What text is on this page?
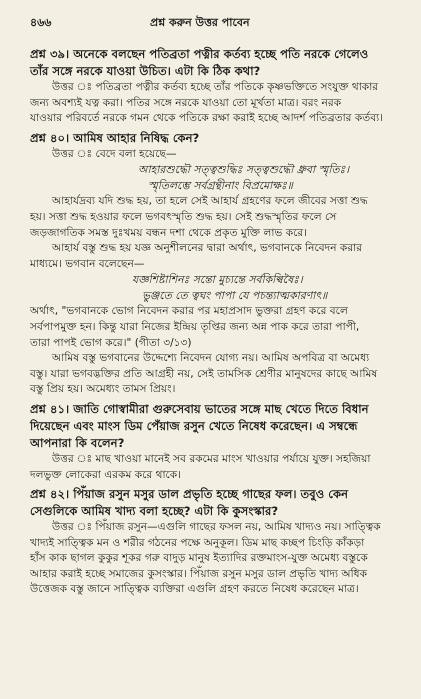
৪৬৬	প্রশ্ন করুন উত্তর পাবেন

প্রশ্ন ৩৯। অনেকে বলছেন পতিব্রতা পত্নীর কর্তব্য হচ্ছে পতি নরকে গেলেও

তাঁর সঙ্গে নরকে যাওয়া উচিত। এটা কি ঠিক কথা?

উত্তর ঃ পতিব্রতা পত্নীর কর্তব্য হচ্ছে তাঁর পতিকে কৃষ্ণভক্তিতে সংযুক্ত থাকার

জন্য অবশ্যই যত্ন করা। পতির সঙ্গে নরকে যাওয়া তো মূর্খতা মাত্র। বরং নরক

যাওয়ার পরিবর্তে নরকে গমন থেকে পতিকে রক্ষা করাই হচ্ছে আদর্শ পতিব্রতার কর্তব্য।

প্রশ্ন ৪০। আমিষ আহার নিষিদ্ধ কেন?

উত্তর ঃ বেদে বলা হয়েছে—

আহারশুদ্ধৌ সত্ত্বশুদ্ধিঃ সত্ত্বশুদ্ধৌ ধ্রুবা স্মৃতিঃ।

স্মৃতিলম্ভে সর্বগ্রন্থীনাং বিপ্রমোক্ষঃ॥

আহার্যদ্রব্য যদি শুদ্ধ হয়, তা হলে সেই আহার্য গ্রহণের ফলে জীবের সত্তা শুদ্ধ

হয়। সত্তা শুদ্ধ হওয়ার ফলে ভগবৎস্মৃতি শুদ্ধ হয়। সেই শুদ্ধস্মৃতির ফলে সে

জড়জাগতিক সমস্ত দুঃখময় বন্ধন দশা থেকে প্রকৃত মুক্তি লাভ করে।

আহার্য বস্তু শুদ্ধ হয় যজ্ঞ অনুশীলনের দ্বারা অর্থাৎ, ভগবানকে নিবেদন করার

মাধ্যমে। ভগবান বলেছেন—

যজ্ঞশিষ্টাশিনঃ সন্তো মুচ্যন্তে সর্বকিল্বিষৈঃ।

ভুঞ্জতে তে ত্বঘং পাপা যে পচন্ত্যাত্মকারণাৎ॥

অর্থাৎ, "ভগবানকে ভোগ নিবেদন করার পর মহাপ্রসাদ ভুক্তরা গ্রহণ করে বলে

সর্বপাপমুক্ত হন। কিন্তু যারা নিজের ইন্দ্রিয় তৃপ্তির জন্য অন্ন পাক করে তারা পাপী,

তারা পাপই ভোগ করে।" (গীতা ৩/১৩)

আমিষ বস্তু ভগবানের উদ্দেশ্যে নিবেদন যোগ্য নয়। আমিষ অপবিত্র বা অমেধ্য

বস্তু। যারা ভগবদ্ভক্তির প্রতি আগ্রহী নয়, সেই তামসিক শ্রেণীর মানুষদের কাছে আমিষ

বস্তু প্রিয় হয়। অমেধ্যং তামস প্রিয়ং।

প্রশ্ন ৪১। জাতি গোস্বামীরা গুরুসেবায় ভাতের সঙ্গে মাছ খেতে দিতে বিধান

দিয়েছেন এবং মাংস ডিম পেঁয়াজ রসুন খেতে নিষেধ করেছেন। এ সম্বন্ধে

আপনারা কি বলেন?

উত্তর ঃ মাছ খাওয়া মানেই সব রকমের মাংস খাওয়ার পর্যায়ে যুক্ত। সহজিয়া

দলভুক্ত লোকেরা এরকম করে থাকে।

প্রশ্ন ৪২। পিঁয়াজ রসুন মসুর ডাল প্রভৃতি হচ্ছে গাছের ফল। তবুও কেন

সেগুলিকে আমিষ খাদ্য বলা হচ্ছে? এটা কি কুসংস্কার?

উত্তর ঃ পিঁয়াজ রসুন—এগুলি গাছের ফসল নয়, আমিষ খাদ্যও নয়। সাত্ত্বিক

খাদ্যই সাত্ত্বিক মন ও শরীর গঠনের পক্ষে অনুকূল। ডিম মাছ কচ্ছপ চিংড়ি কাঁকড়া

হাঁস কাক ছাগল কুকুর শূকর গরু বাদুড় মানুষ ইত্যাদির রক্তমাংস-যুক্ত অমেধ্য বস্তুকে

আহার করাই হচ্ছে সমাজের কুসংস্কার। পিঁয়াজ রসুন মসুর ডাল প্রভৃতি খাদ্য অধিক

উত্তেজক বস্তু জানে সাত্ত্বিক ব্যক্তিরা এগুলি গ্রহণ করতে নিষেধ করেছেন মাত্র।
